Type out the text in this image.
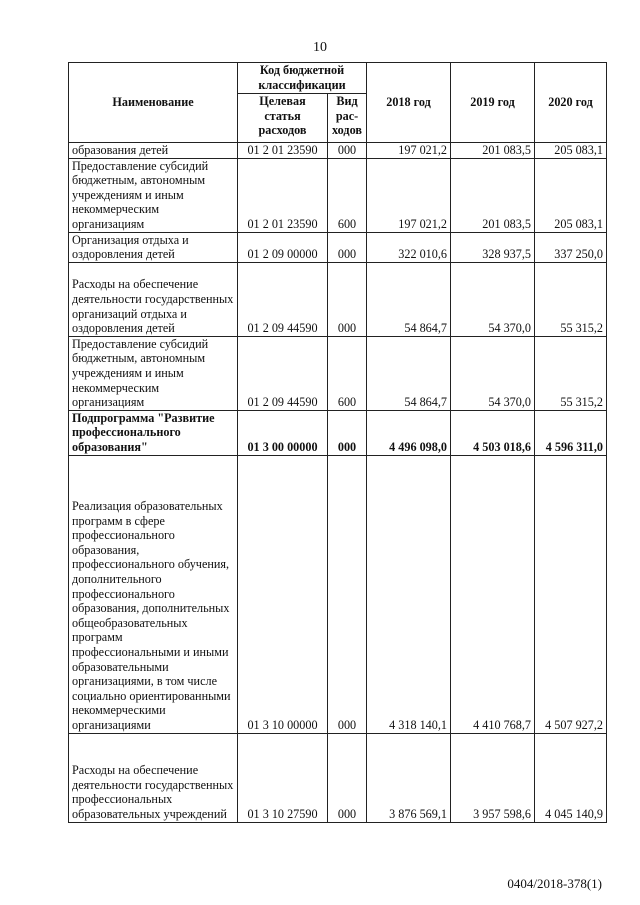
10
Наименование	Код бюджетной классификации		2018 год	2019 год	2020 год
	Целевая статья расходов	Вид рас-ходов			
образования детей	01 2 01 23590	000	197 021,2	201 083,5	205 083,1
Предоставление субсидий бюджетным, автономным учреждениям и иным некоммерческим организациям	01 2 01 23590	600	197 021,2	201 083,5	205 083,1
Организация отдыха и оздоровления детей	01 2 09 00000	000	322 010,6	328 937,5	337 250,0
Расходы на обеспечение деятельности государственных организаций отдыха и оздоровления детей	01 2 09 44590	000	54 864,7	54 370,0	55 315,2
Предоставление субсидий бюджетным, автономным учреждениям и иным некоммерческим организациям	01 2 09 44590	600	54 864,7	54 370,0	55 315,2
Подпрограмма "Развитие профессионального образования"	01 3 00 00000	000	4 496 098,0	4 503 018,6	4 596 311,0
Реализация образовательных программ в сфере профессионального образования, профессионального обучения, дополнительного профессионального образования, дополнительных общеобразовательных программ профессиональными и иными образовательными организациями, в том числе социально ориентированными некоммерческими организациями	01 3 10 00000	000	4 318 140,1	4 410 768,7	4 507 927,2
Расходы на обеспечение деятельности государственных профессиональных образовательных учреждений	01 3 10 27590	000	3 876 569,1	3 957 598,6	4 045 140,9
0404/2018-378(1)
